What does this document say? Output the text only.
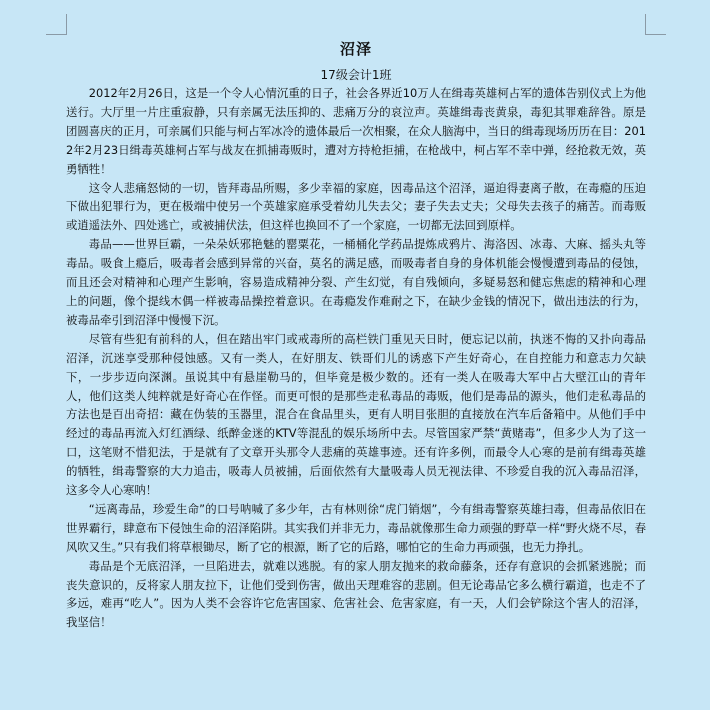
沼泽
17级会计1班

2012年2月26日，这是一个令人心情沉重的日子，社会各界近10万人在缉毒英雄柯占军的遗体告别仪式上为他送行。大厅里一片庄重寂静，只有亲属无法压抑的、悲痛万分的哀泣声。英雄缉毒丧黄泉，毒犯其罪难辞咎。原是团圆喜庆的正月，可亲属们只能与柯占军冰冷的遗体最后一次相聚，在众人脑海中，当日的缉毒现场历历在目：2012年2月23日缉毒英雄柯占军与战友在抓捕毒贩时，遭对方持枪拒捕，在枪战中，柯占军不幸中弹，经抢救无效，英勇牺牲！

这令人悲痛怒恸的一切，皆拜毒品所赐，多少幸福的家庭，因毒品这个沼泽，逼迫得妻离子散，在毒瘾的压迫下做出犯罪行为，更在极端中使另一个英雄家庭承受着幼儿失去父；妻子失去丈夫；父母失去孩子的痛苦。而毒贩或逍遥法外、四处逃亡，或被捕伏法，但这样也换回不了一个家庭，一切都无法回到原样。

毒品——世界巨霸，一朵朵妖邪艳魅的罂粟花，一桶桶化学药品提炼成鸦片、海洛因、冰毒、大麻、摇头丸等毒品。吸食上瘾后，吸毒者会感到异常的兴奋，莫名的满足感，而吸毒者自身的身体机能会慢慢遭到毒品的侵蚀，而且还会对精神和心理产生影响，容易造成精神分裂、产生幻觉，有自残倾向，多疑易怒和健忘焦虑的精神和心理上的问题，像个提线木偶一样被毒品操控着意识。在毒瘾发作难耐之下，在缺少金钱的情况下，做出违法的行为，被毒品牵引到沼泽中慢慢下沉。

尽管有些犯有前科的人，但在踏出牢门或戒毒所的高栏铁门重见天日时，便忘记以前，执迷不悔的又扑向毒品沼泽，沉迷享受那种侵蚀感。又有一类人，在好朋友、铁哥们儿的诱惑下产生好奇心，在自控能力和意志力欠缺下，一步步迈向深渊。虽说其中有悬崖勒马的，但毕竟是极少数的。还有一类人在吸毒大军中占大壁江山的青年人，他们这类人纯粹就是好奇心在作怪。而更可恨的是那些走私毒品的毒贩，他们是毒品的源头，他们走私毒品的方法也是百出奇招：藏在伪装的玉器里，混合在食品里头，更有人明目张胆的直接放在汽车后备箱中。从他们手中经过的毒品再流入灯红酒绿、纸醉金迷的KTV等混乱的娱乐场所中去。尽管国家严禁“黄赌毒”，但多少人为了这一口，这笔财不惜犯法，于是就有了文章开头那令人悲痛的英雄事迹。还有许多例，而最令人心寒的是前有缉毒英雄的牺牲，缉毒警察的大力追击，吸毒人员被捕，后面依然有大量吸毒人员无视法律、不珍爱自我的沉入毒品沼泽，这多令人心寒呐！

“远离毒品，珍爱生命”的口号呐喊了多少年，古有林则徐“虎门销烟”，今有缉毒警察英雄扫毒，但毒品依旧在世界霸行，肆意布下侵蚀生命的沼泽陷阱。其实我们并非无力，毒品就像那生命力顽强的野草一样“野火烧不尽，春风吹又生。”只有我们将草根锄尽，断了它的根源，断了它的后路，哪怕它的生命力再顽强，也无力挣扎。

毒品是个无底沼泽，一旦陷进去，就难以逃脱。有的家人朋友抛来的救命藤条，还存有意识的会抓紧逃脱；而丧失意识的，反将家人朋友拉下，让他们受到伤害，做出天理难容的悲剧。但无论毒品它多么横行霸道，也走不了多远，难再“吃人”。因为人类不会容许它危害国家、危害社会、危害家庭，有一天，人们会铲除这个害人的沼泽，我坚信！
